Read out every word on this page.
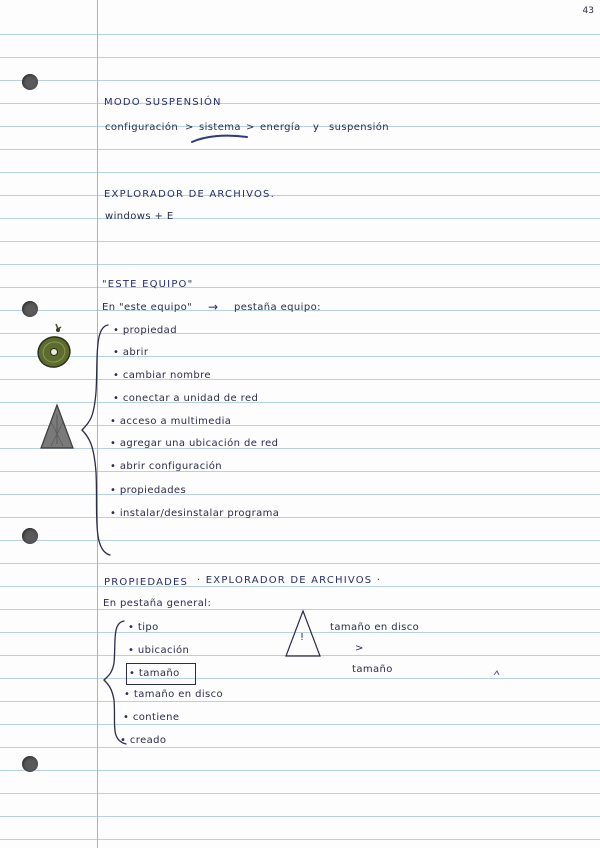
43
MODO SUSPENSIÓN
configuración > sistema > energía y suspensión
EXPLORADOR DE ARCHIVOS.
windows + E
"ESTE EQUIPO"
En "este equipo" → pestaña equipo:
• propiedad
• abrir
• cambiar nombre
• conectar a unidad de red
• acceso a multimedia
• agregar una ubicación de red
• abrir configuración
• propiedades
• instalar/desinstalar programa
PROPIEDADES · EXPLORADOR DE ARCHIVOS ·
En pestaña general:
• tipo
• ubicación
• tamaño
• tamaño en disco
• contiene
• creado
!
tamaño en disco
>
tamaño
